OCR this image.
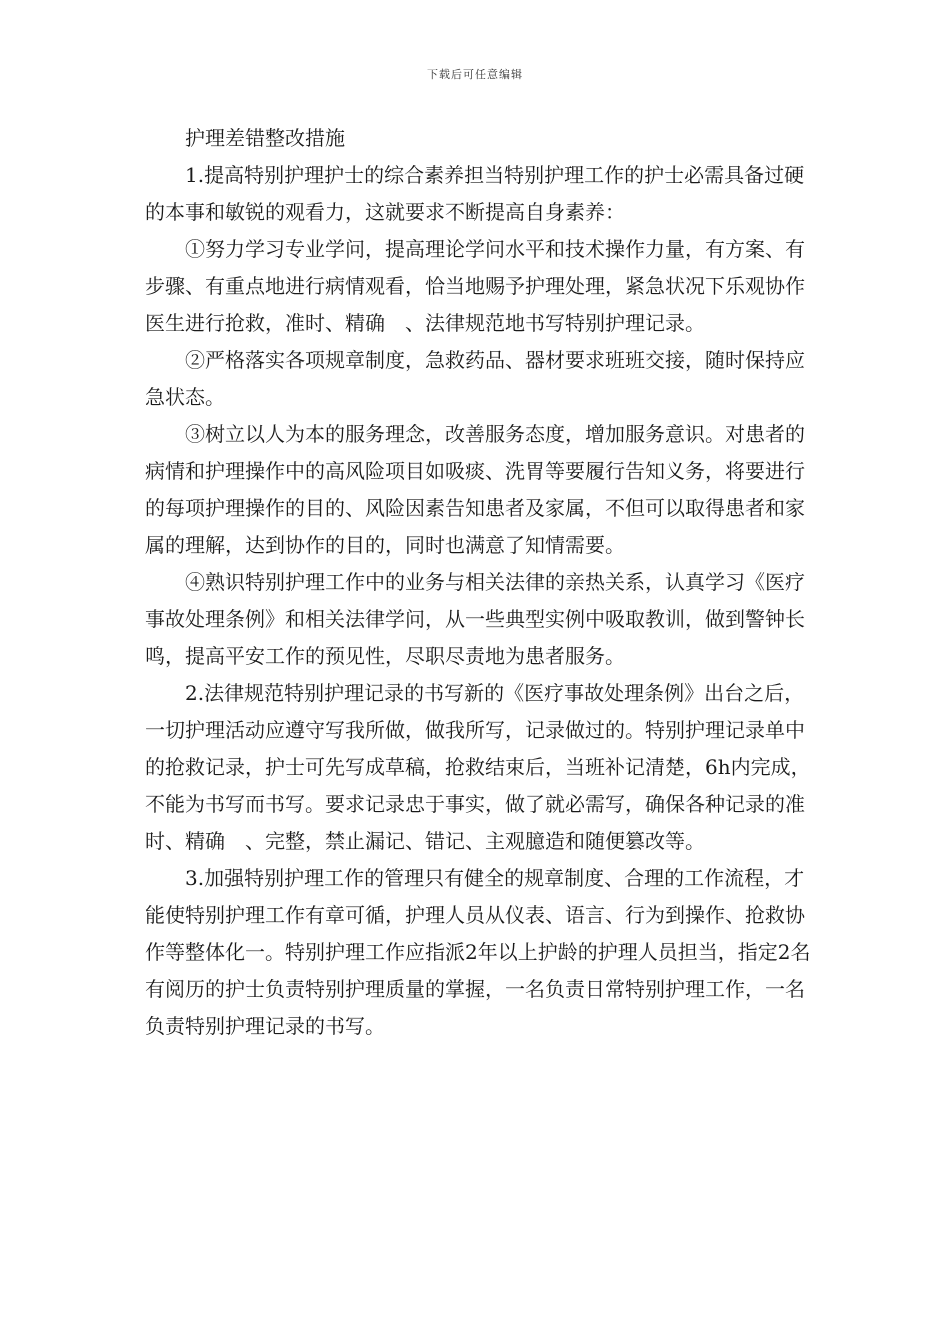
下载后可任意编辑

护理差错整改措施

1.提高特别护理护士的综合素养担当特别护理工作的护士必需具备过硬的本事和敏锐的观看力，这就要求不断提高自身素养：

①努力学习专业学问，提高理论学问水平和技术操作力量，有方案、有步骤、有重点地进行病情观看，恰当地赐予护理处理，紧急状况下乐观协作医生进行抢救，准时、精确　、法律规范地书写特别护理记录。

②严格落实各项规章制度，急救药品、器材要求班班交接，随时保持应急状态。

③树立以人为本的服务理念，改善服务态度，增加服务意识。对患者的病情和护理操作中的高风险项目如吸痰、洗胃等要履行告知义务，将要进行的每项护理操作的目的、风险因素告知患者及家属，不但可以取得患者和家属的理解，达到协作的目的，同时也满意了知情需要。

④熟识特别护理工作中的业务与相关法律的亲热关系，认真学习《医疗事故处理条例》和相关法律学问，从一些典型实例中吸取教训，做到警钟长鸣，提高平安工作的预见性，尽职尽责地为患者服务。

2.法律规范特别护理记录的书写新的《医疗事故处理条例》出台之后，一切护理活动应遵守写我所做，做我所写，记录做过的。特别护理记录单中的抢救记录，护士可先写成草稿，抢救结束后，当班补记清楚，6h内完成，不能为书写而书写。要求记录忠于事实，做了就必需写，确保各种记录的准时、精确　、完整，禁止漏记、错记、主观臆造和随便篡改等。

3.加强特别护理工作的管理只有健全的规章制度、合理的工作流程，才能使特别护理工作有章可循，护理人员从仪表、语言、行为到操作、抢救协作等整体化一。特别护理工作应指派2年以上护龄的护理人员担当，指定2名有阅历的护士负责特别护理质量的掌握，一名负责日常特别护理工作，一名负责特别护理记录的书写。
